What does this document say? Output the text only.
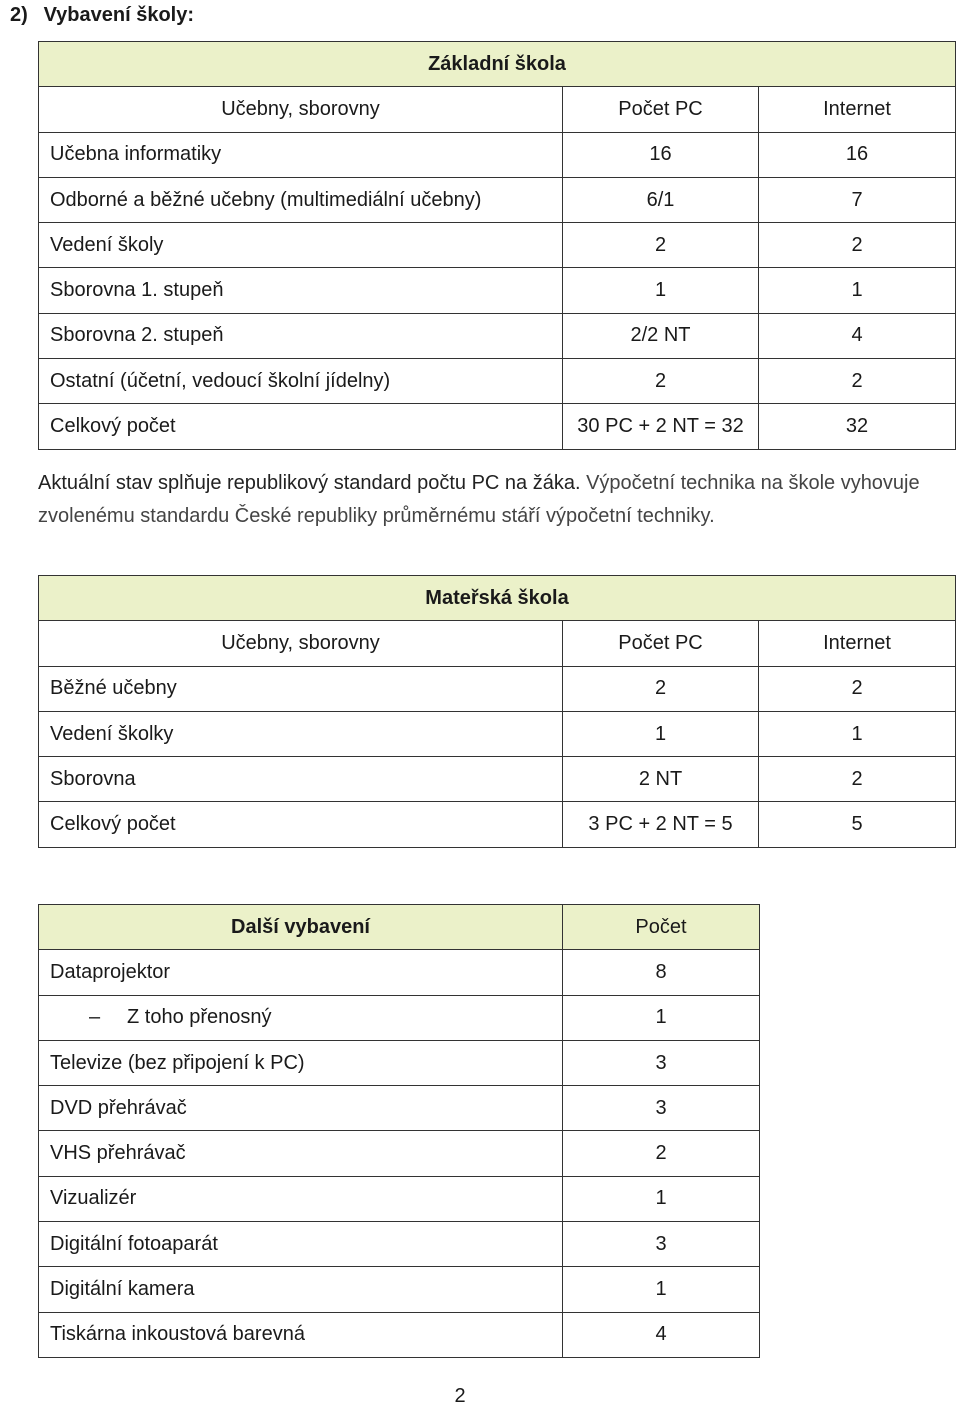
2) Vybavení školy:
Základní škola		
Učebny, sborovny	Počet PC	Internet
Učebna informatiky	16	16
Odborné a běžné učebny (multimediální učebny)	6/1	7
Vedení školy	2	2
Sborovna 1. stupeň	1	1
Sborovna 2. stupeň	2/2 NT	4
Ostatní (účetní, vedoucí školní jídelny)	2	2
Celkový počet	30 PC + 2 NT = 32	32
Aktuální stav splňuje republikový standard počtu PC na žáka. Výpočetní technika na škole vyhovuje zvolenému standardu České republiky průměrnému stáří výpočetní techniky.
Mateřská škola		
Učebny, sborovny	Počet PC	Internet
Běžné učebny	2	2
Vedení školky	1	1
Sborovna	2 NT	2
Celkový počet	3 PC + 2 NT = 5	5
Další vybavení	Počet
Dataprojektor	8
‒ Z toho přenosný	1
Televize (bez připojení k PC)	3
DVD přehrávač	3
VHS přehrávač	2
Vizualizér	1
Digitální fotoaparát	3
Digitální kamera	1
Tiskárna inkoustová barevná	4
2
